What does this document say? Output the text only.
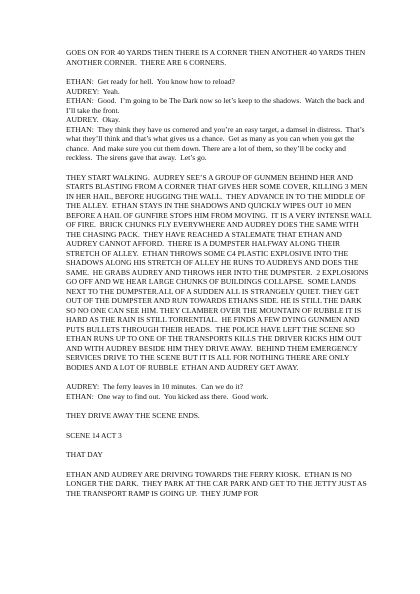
GOES ON FOR 40 YARDS THEN THERE IS A CORNER THEN ANOTHER 40 YARDS THEN ANOTHER CORNER.  THERE ARE 6 CORNERS.

ETHAN:  Get ready for hell.  You know how to reload?
AUDREY:  Yeah.
ETHAN:  Good.  I’m going to be The Dark now so let’s keep to the shadows.  Watch the back and I’ll take the front.
AUDREY.  Okay.
ETHAN:  They think they have us cornered and you’re an easy target, a damsel in distress.  That’s what they’ll think and that’s what gives us a chance.  Get as many as you can when you get the chance.  And make sure you cut them down. There are a lot of them, so they’ll be cocky and reckless.  The sirens gave that away.  Let’s go.

THEY START WALKING.  AUDREY SEE’S A GROUP OF GUNMEN BEHIND HER AND STARTS BLASTING FROM A CORNER THAT GIVES HER SOME COVER, KILLING 3 MEN IN HER HAIL, BEFORE HUGGING THE WALL.  THEY ADVANCE IN TO THE MIDDLE OF THE ALLEY.  ETHAN STAYS IN THE SHADOWS AND QUICKLY WIPES OUT 10 MEN BEFORE A HAIL OF GUNFIRE STOPS HIM FROM MOVING.  IT IS A VERY INTENSE WALL OF FIRE.  BRICK CHUNKS FLY EVERYWHERE AND AUDREY DOES THE SAME WITH THE CHASING PACK.  THEY HAVE REACHED A STALEMATE THAT ETHAN AND AUDREY CANNOT AFFORD.  THERE IS A DUMPSTER HALFWAY ALONG THEIR STRETCH OF ALLEY.  ETHAN THROWS SOME C4 PLASTIC EXPLOSIVE INTO THE SHADOWS ALONG HIS STRETCH OF ALLEY HE RUNS TO AUDREYS AND DOES THE SAME.  HE GRABS AUDREY AND THROWS HER INTO THE DUMPSTER.  2 EXPLOSIONS GO OFF AND WE HEAR LARGE CHUNKS OF BUILDINGS COLLAPSE.  SOME LANDS NEXT TO THE DUMPSTER.ALL OF A SUDDEN ALL IS STRANGELY QUIET. THEY GET OUT OF THE DUMPSTER AND RUN TOWARDS ETHANS SIDE. HE IS STILL THE DARK SO NO ONE CAN SEE HIM. THEY CLAMBER OVER THE MOUNTAIN OF RUBBLE IT IS HARD AS THE RAIN IS STILL TORRENTIAL.  HE FINDS A FEW DYING GUNMEN AND PUTS BULLETS THROUGH THEIR HEADS.  THE POLICE HAVE LEFT THE SCENE SO ETHAN RUNS UP TO ONE OF THE TRANSPORTS KILLS THE DRIVER KICKS HIM OUT AND WITH AUDREY BESIDE HIM THEY DRIVE AWAY.  BEHIND THEM EMERGENCY SERVICES DRIVE TO THE SCENE BUT IT IS ALL FOR NOTHING THERE ARE ONLY BODIES AND A LOT OF RUBBLE  ETHAN AND AUDREY GET AWAY.

AUDREY:  The ferry leaves in 10 minutes.  Can we do it?
ETHAN:  One way to find out.  You kicked ass there.  Good work.

THEY DRIVE AWAY THE SCENE ENDS.

SCENE 14 ACT 3

THAT DAY

ETHAN AND AUDREY ARE DRIVING TOWARDS THE FERRY KIOSK.  ETHAN IS NO LONGER THE DARK.  THEY PARK AT THE CAR PARK AND GET TO THE JETTY JUST AS THE TRANSPORT RAMP IS GOING UP.  THEY JUMP FOR
